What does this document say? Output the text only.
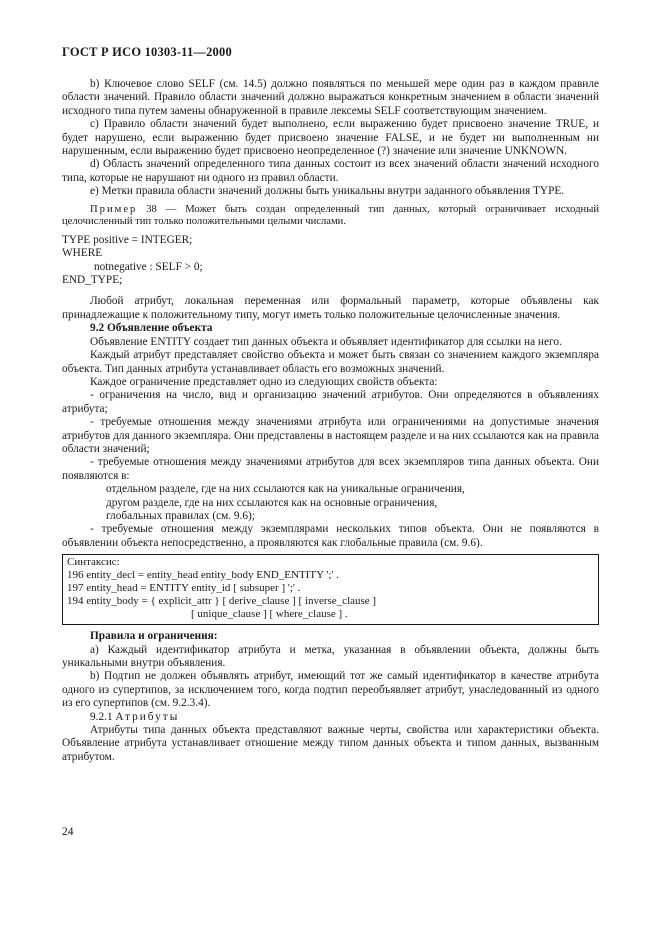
ГОСТ Р ИСО 10303-11—2000

b) Ключевое слово SELF (см. 14.5) должно появляться по меньшей мере один раз в каждом правиле области значений. Правило области значений должно выражаться конкретным значением в области значений исходного типа путем замены обнаруженной в правиле лексемы SELF соответствующим значением.

c) Правило области значений будет выполнено, если выражению будет присвоено значение TRUE, и будет нарушено, если выражению будет присвоено значение FALSE, и не будет ни выполненным ни нарушенным, если выражению будет присвоено неопределенное (?) значение или значение UNKNOWN.

d) Область значений определенного типа данных состоит из всех значений области значений исходного типа, которые не нарушают ни одного из правил области.

e) Метки правила области значений должны быть уникальны внутри заданного объявления TYPE.

Пример 38 — Может быть создан определенный тип данных, который ограничивает исходный целочисленный тип только положительными целыми числами.

TYPE positive = INTEGER;

WHERE

notnegative : SELF > 0;

END_TYPE;

Любой атрибут, локальная переменная или формальный параметр, которые объявлены как принадлежащие к положительному типу, могут иметь только положительные целочисленные значения.

9.2 Объявление объекта

Объявление ENTITY создает тип данных объекта и объявляет идентификатор для ссылки на него.

Каждый атрибут представляет свойство объекта и может быть связан со значением каждого экземпляра объекта. Тип данных атрибута устанавливает область его возможных значений.

Каждое ограничение представляет одно из следующих свойств объекта:

- ограничения на число, вид и организацию значений атрибутов. Они определяются в объявлениях атрибута;

- требуемые отношения между значениями атрибута или ограничениями на допустимые значения атрибутов для данного экземпляра. Они представлены в настоящем разделе и на них ссылаются как на правила области значений;

- требуемые отношения между значениями атрибутов для всех экземпляров типа данных объекта. Они появляются в:

отдельном разделе, где на них ссылаются как на уникальные ограничения,

другом разделе, где на них ссылаются как на основные ограничения,

глобальных правилах (см. 9.6);

- требуемые отношения между экземплярами нескольких типов объекта. Они не появляются в объявлении объекта непосредственно, а проявляются как глобальные правила (см. 9.6).

Синтаксис:
196 entity_decl = entity_head entity_body END_ENTITY ';' .
197 entity_head = ENTITY entity_id [ subsuper ] ';' .
194 entity_body = { explicit_attr } [ derive_clause ] [ inverse_clause ]
[ unique_clause ] [ where_clause ] .

Правила и ограничения:

a) Каждый идентификатор атрибута и метка, указанная в объявлении объекта, должны быть уникальными внутри объявления.

b) Подтип не должен объявлять атрибут, имеющий тот же самый идентификатор в качестве атрибута одного из супертипов, за исключением того, когда подтип переобъявляет атрибут, унаследованный из одного из его супертипов (см. 9.2.3.4).

9.2.1 Атрибуты

Атрибуты типа данных объекта представляют важные черты, свойства или характеристики объекта. Объявление атрибута устанавливает отношение между типом данных объекта и типом данных, вызванным атрибутом.

24
